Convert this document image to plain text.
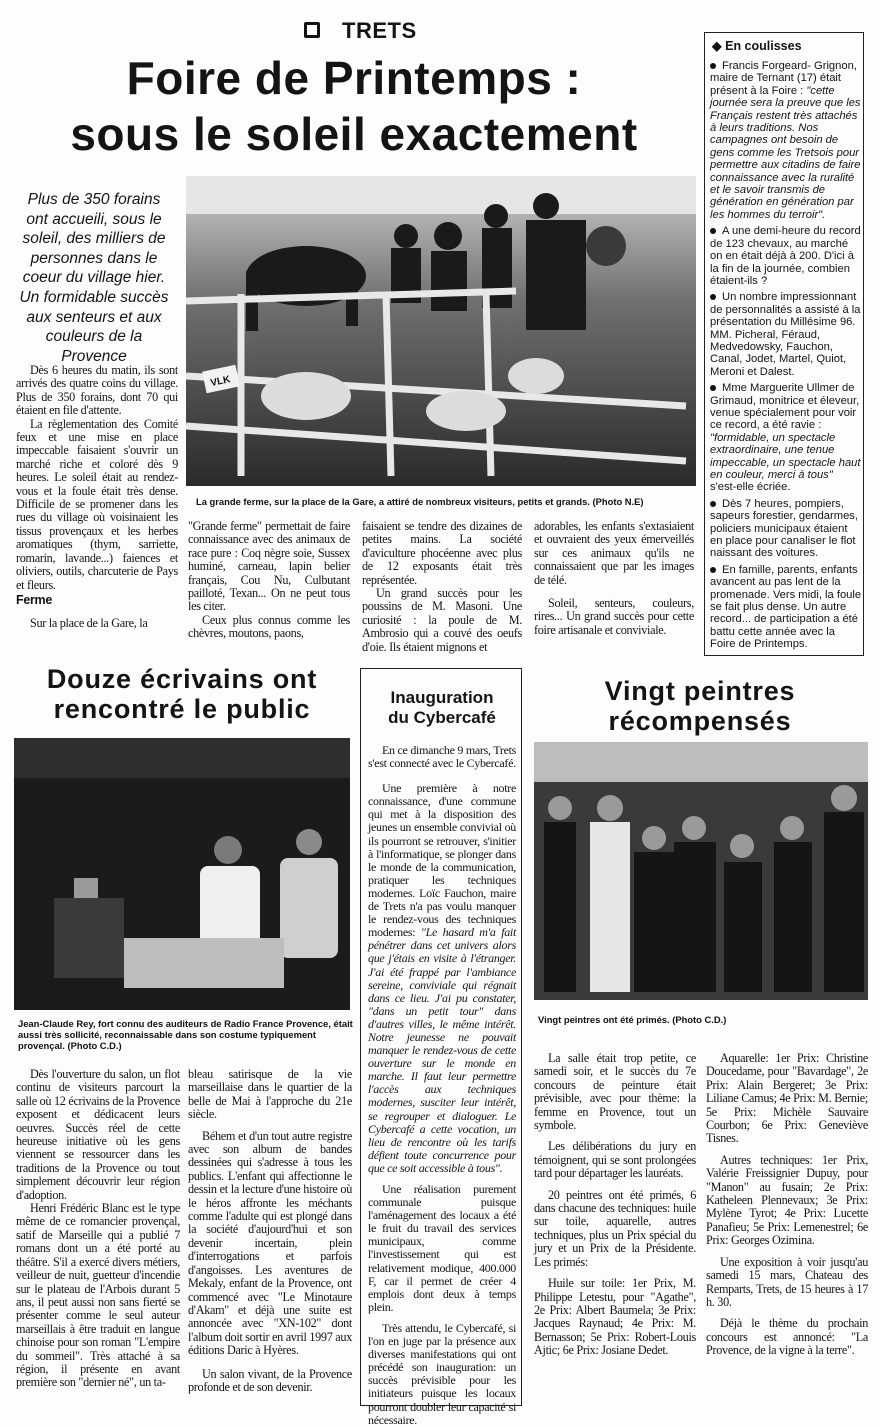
TRETS
Foire de Printemps :
sous le soleil exactement
Plus de 350 forains ont accueili, sous le soleil, des milliers de personnes dans le coeur du village hier. Un formidable succès aux senteurs et aux couleurs de la Provence
VLK
La grande ferme, sur la place de la Gare, a attiré de nombreux visiteurs, petits et grands. (Photo N.E)

Dès 6 heures du matin, ils sont arrivés des quatre coins du village. Plus de 350 forains, dont 70 qui étaient en file d'attente.

La règlementation des Comité feux et une mise en place impeccable faisaient s'ouvrir un marché riche et coloré dès 9 heures. Le soleil était au rendez-vous et la foule était très dense. Difficile de se promener dans les rues du village où voisinaient les tissus provençaux et les herbes aromatiques (thym, sarriette, romarin, lavande...) faiences et oliviers, outils, charcuterie de Pays et fleurs.

Ferme

Sur la place de la Gare, la

"Grande ferme" permettait de faire connaissance avec des animaux de race pure : Coq nègre soie, Sussex huminé, carneau, lapin belier français, Cou Nu, Culbutant pailloté, Texan... On ne peut tous les citer.

Ceux plus connus comme les chèvres, moutons, paons,

faisaient se tendre des dizaines de petites mains. La société d'aviculture phocéenne avec plus de 12 exposants était très représentée.

Un grand succès pour les poussins de M. Masoni. Une curiosité : la poule de M. Ambrosio qui a couvé des oeufs d'oie. Ils étaient mignons et

adorables, les enfants s'extasiaient et ouvraient des yeux émerveillés sur ces animaux qu'ils ne connaissaient que par les images de télé.

Soleil, senteurs, couleurs, rires... Un grand succès pour cette foire artisanale et conviviale.

◆ En coulisses
Francis Forgeard- Grignon, maire de Ternant (17) était présent à la Foire : "cette journée sera la preuve que les Français restent très attachés à leurs traditions. Nos campagnes ont besoin de gens comme les Tretsois pour permettre aux citadins de faire connaissance avec la ruralité et le savoir transmis de génération en génération par les hommes du terroir".
A une demi-heure du record de 123 chevaux, au marché on en était déjà à 200. D'ici à la fin de la journée, combien étaient-ils ?
Un nombre impressionnant de personnalités a assisté à la présentation du Millésime 96. MM. Picheral, Féraud, Medvedowsky, Fauchon, Canal, Jodet, Martel, Quiot, Meroni et Dalest.
Mme Marguerite Ullmer de Grimaud, monitrice et éleveur, venue spécialement pour voir ce record, a été ravie : "formidable, un spectacle extraordinaire, une tenue impeccable, un spectacle haut en couleur, merci à tous" s'est-elle écriée.
Dès 7 heures, pompiers, sapeurs forestier, gendarmes, policiers municipaux étaient en place pour canaliser le flot naissant des voitures.
En famille, parents, enfants avancent au pas lent de la promenade. Vers midi, la foule se fait plus dense. Un autre record... de participation a été battu cette année avec la Foire de Printemps.
Douze écrivains ont
rencontré le public
Jean-Claude Rey, fort connu des auditeurs de Radio France Provence, était aussi très sollicité, reconnaissable dans son costume typiquement provençal. (Photo C.D.)

Dès l'ouverture du salon, un flot continu de visiteurs parcourt la salle où 12 écrivains de la Provence exposent et dédicacent leurs oeuvres. Succès réel de cette heureuse initiative où les gens viennent se ressourcer dans les traditions de la Provence ou tout simplement découvrir leur région d'adoption.

Henri Frédéric Blanc est le type même de ce romancier provençal, satif de Marseille qui a publié 7 romans dont un a été porté au théâtre. S'il a exercé divers métiers, veilleur de nuit, guetteur d'incendie sur le plateau de l'Arbois durant 5 ans, il peut aussi non sans fierté se présenter comme le seul auteur marseillais à être traduit en langue chinoise pour son roman "L'empire du sommeil". Très attaché à sa région, il présente en avant première son "dernier né", un ta-

bleau satirisque de la vie marseillaise dans le quartier de la belle de Mai à l'approche du 21e siècle.

Béhem et d'un tout autre registre avec son album de bandes dessinées qui s'adresse à tous les publics. L'enfant qui affectionne le dessin et la lecture d'une histoire où le héros affronte les méchants comme l'adulte qui est plongé dans la société d'aujourd'hui et son devenir incertain, plein d'interrogations et parfois d'angoisses. Les aventures de Mekaly, enfant de la Provence, ont commencé avec "Le Minotaure d'Akam" et déjà une suite est annoncée avec "XN-102" dont l'album doit sortir en avril 1997 aux éditions Daric à Hyères.

Un salon vivant, de la Provence profonde et de son devenir.

Inauguration
du Cybercafé

En ce dimanche 9 mars, Trets s'est connecté avec le Cybercafé.

Une première à notre connaissance, d'une commune qui met à la disposition des jeunes un ensemble convivial où ils pourront se retrouver, s'initier à l'informatique, se plonger dans le monde de la communication, pratiquer les techniques modernes. Loïc Fauchon, maire de Trets n'a pas voulu manquer le rendez-vous des techniques modernes: "Le hasard m'a fait pénétrer dans cet univers alors que j'étais en visite à l'étranger. J'ai été frappé par l'ambiance sereine, conviviale qui régnait dans ce lieu. J'ai pu constater, "dans un petit tour" dans d'autres villes, le même intérêt. Notre jeunesse ne pouvait manquer le rendez-vous de cette ouverture sur le monde en marche. Il faut leur permettre l'accès aux techniques modernes, susciter leur intérêt, se regrouper et dialoguer. Le Cybercafé a cette vocation, un lieu de rencontre où les tarifs défient toute concurrence pour que ce soit accessible à tous".

Une réalisation purement communale puisque l'aménagement des locaux a été le fruit du travail des services municipaux, comme l'investissement qui est relativement modique, 400.000 F, car il permet de créer 4 emplois dont deux à temps plein.

Très attendu, le Cybercafé, si l'on en juge par la présence aux diverses manifestations qui ont précédé son inauguration: un succès prévisible pour les initiateurs puisque les locaux pourront doubler leur capacité si nécessaire.

Vingt peintres
récompensés
Vingt peintres ont été primés. (Photo C.D.)

La salle était trop petite, ce samedi soir, et le succès du 7e concours de peinture était prévisible, avec pour thème: la femme en Provence, tout un symbole.

Les délibérations du jury en témoignent, qui se sont prolongées tard pour départager les lauréats.

20 peintres ont été primés, 6 dans chacune des techniques: huile sur toile, aquarelle, autres techniques, plus un Prix spécial du jury et un Prix de la Présidente. Les primés:

Huile sur toile: 1er Prix, M. Philippe Letestu, pour "Agathe", 2e Prix: Albert Baumela; 3e Prix: Jacques Raynaud; 4e Prix: M. Bernasson; 5e Prix: Robert-Louis Ajtic; 6e Prix: Josiane Dedet.

Aquarelle: 1er Prix: Christine Doucedame, pour "Bavardage", 2e Prix: Alain Bergeret; 3e Prix: Liliane Camus; 4e Prix: M. Bernie; 5e Prix: Michèle Sauvaire Courbon; 6e Prix: Geneviève Tisnes.

Autres techniques: 1er Prix, Valérie Freissignier Dupuy, pour "Manon" au fusain; 2e Prix: Katheleen Plennevaux; 3e Prix: Mylène Tyrot; 4e Prix: Lucette Panafieu; 5e Prix: Lemenestrel; 6e Prix: Georges Ozimina.

Une exposition à voir jusqu'au samedi 15 mars, Chateau des Remparts, Trets, de 15 heures à 17 h. 30.

Déjà le thème du prochain concours est annoncé: "La Provence, de la vigne à la terre".
